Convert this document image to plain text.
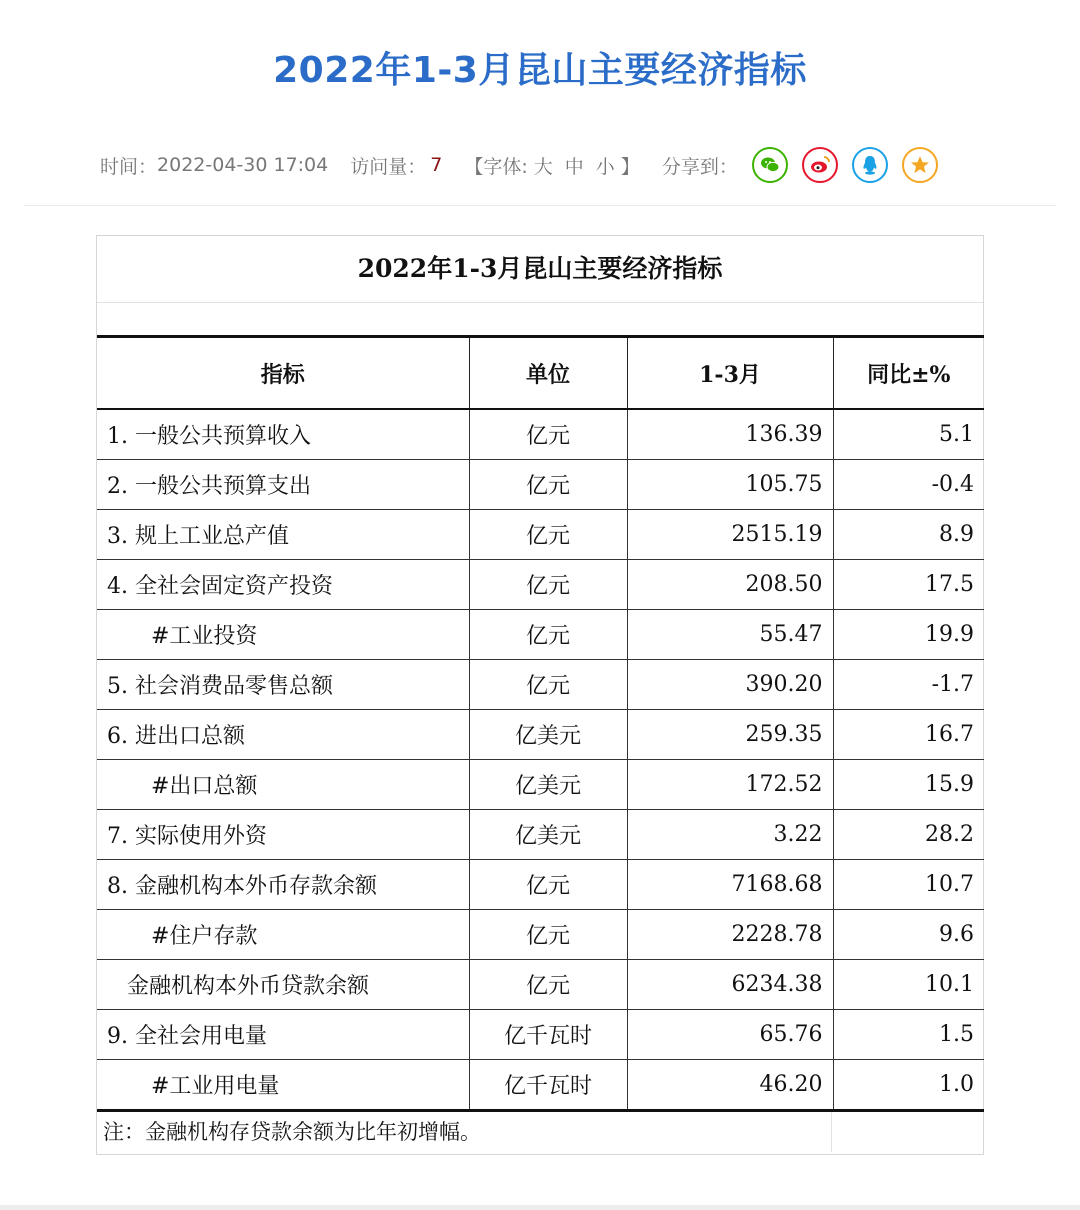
2022年1-3月昆山主要经济指标
时间： 2022-04-30 17:04 访问量： 7 【字体: 大 中 小 】 分享到：
2022年1-3月昆山主要经济指标
指标	单位	1-3月	同比±%
1. 一般公共预算收入	亿元	136.39	5.1
2. 一般公共预算支出	亿元	105.75	-0.4
3. 规上工业总产值	亿元	2515.19	8.9
4. 全社会固定资产投资	亿元	208.50	17.5
#工业投资	亿元	55.47	19.9
5. 社会消费品零售总额	亿元	390.20	-1.7
6. 进出口总额	亿美元	259.35	16.7
#出口总额	亿美元	172.52	15.9
7. 实际使用外资	亿美元	3.22	28.2
8. 金融机构本外币存款余额	亿元	7168.68	10.7
#住户存款	亿元	2228.78	9.6
金融机构本外币贷款余额	亿元	6234.38	10.1
9. 全社会用电量	亿千瓦时	65.76	1.5
#工业用电量	亿千瓦时	46.20	1.0
注：金融机构存贷款余额为比年初增幅。
